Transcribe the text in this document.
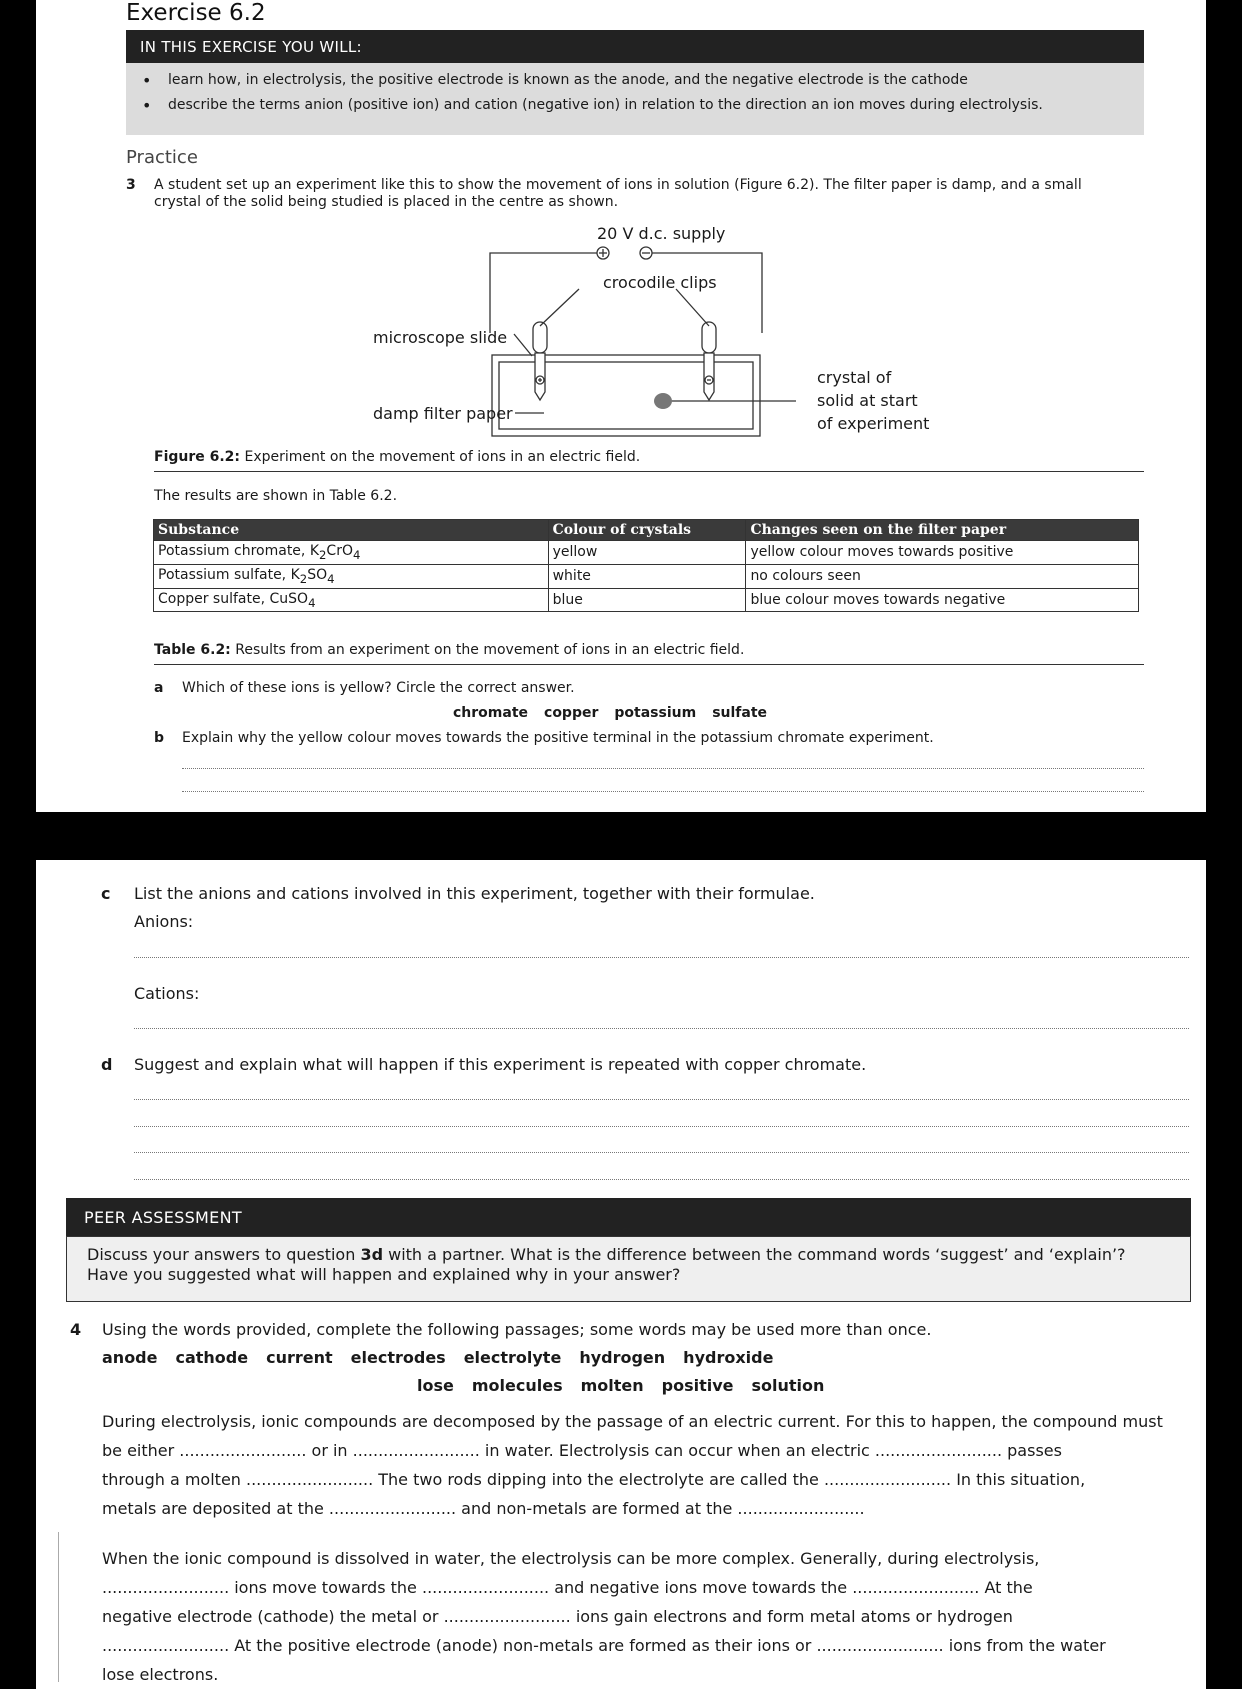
Exercise 6.2
IN THIS EXERCISE YOU WILL:
• learn how, in electrolysis, the positive electrode is known as the anode, and the negative electrode is the cathode
• describe the terms anion (positive ion) and cation (negative ion) in relation to the direction an ion moves during electrolysis.
Practice
3 A student set up an experiment like this to show the movement of ions in solution (Figure 6.2). The filter paper is damp, and a small
crystal of the solid being studied is placed in the centre as shown.
20 V d.c. supply
crocodile clips
microscope slide
damp filter paper
crystal of
solid at start
of experiment
Figure 6.2: Experiment on the movement of ions in an electric field.
The results are shown in Table 6.2.
Substance	Colour of crystals	Changes seen on the filter paper
Potassium chromate, $K_2CrO_4$	yellow	yellow colour moves towards positive
Potassium sulfate, $K_2SO_4$	white	no colours seen
Copper sulfate, CuSO$_4$	blue	blue colour moves towards negative
Table 6.2: Results from an experiment on the movement of ions in an electric field.
a Which of these ions is yellow? Circle the correct answer.
chromate copper potassium sulfate
b Explain why the yellow colour moves towards the positive terminal in the potassium chromate experiment.
c List the anions and cations involved in this experiment, together with their formulae.
Anions:
Cations:
d Suggest and explain what will happen if this experiment is repeated with copper chromate.
PEER ASSESSMENT
Discuss your answers to question 3d with a partner. What is the difference between the command words ‘suggest’ and ‘explain’?
Have you suggested what will happen and explained why in your answer?
4 Using the words provided, complete the following passages; some words may be used more than once.
anode cathode current electrodes electrolyte hydrogen hydroxide
lose molecules molten positive solution
During electrolysis, ionic compounds are decomposed by the passage of an electric current. For this to happen, the compound must
be either ......................... or in ......................... in water. Electrolysis can occur when an electric ......................... passes
through a molten ......................... The two rods dipping into the electrolyte are called the ......................... In this situation,
metals are deposited at the ......................... and non-metals are formed at the .........................
When the ionic compound is dissolved in water, the electrolysis can be more complex. Generally, during electrolysis,
......................... ions move towards the ......................... and negative ions move towards the ......................... At the
negative electrode (cathode) the metal or ......................... ions gain electrons and form metal atoms or hydrogen
......................... At the positive electrode (anode) non-metals are formed as their ions or ......................... ions from the water
lose electrons.
